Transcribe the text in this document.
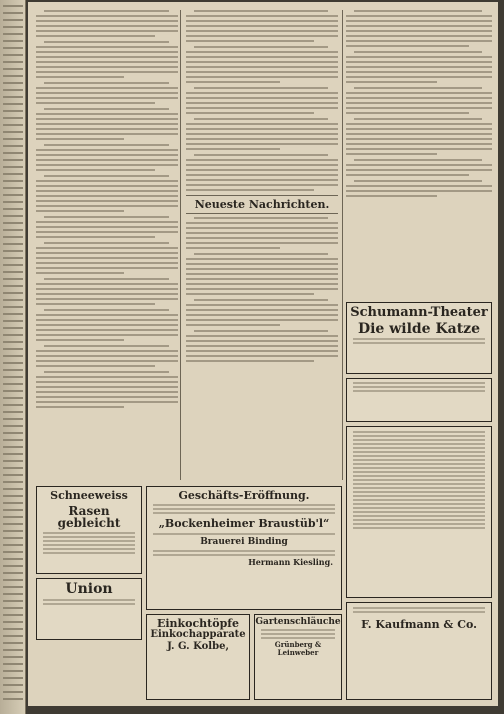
Neueste Nachrichten.
Schumann-Theater
Die wilde Katze
Schneeweiss
Rasen gebleicht
Union
Geschäfts-Eröffnung.
„Bockenheimer Braustüb'l“
Brauerei Binding
Hermann Kiesling.
Einkochtöpfe
Einkochapparate
J. G. Kolbe,
Gartenschläuche
Grünberg & Leinweber
F. Kaufmann & Co.
